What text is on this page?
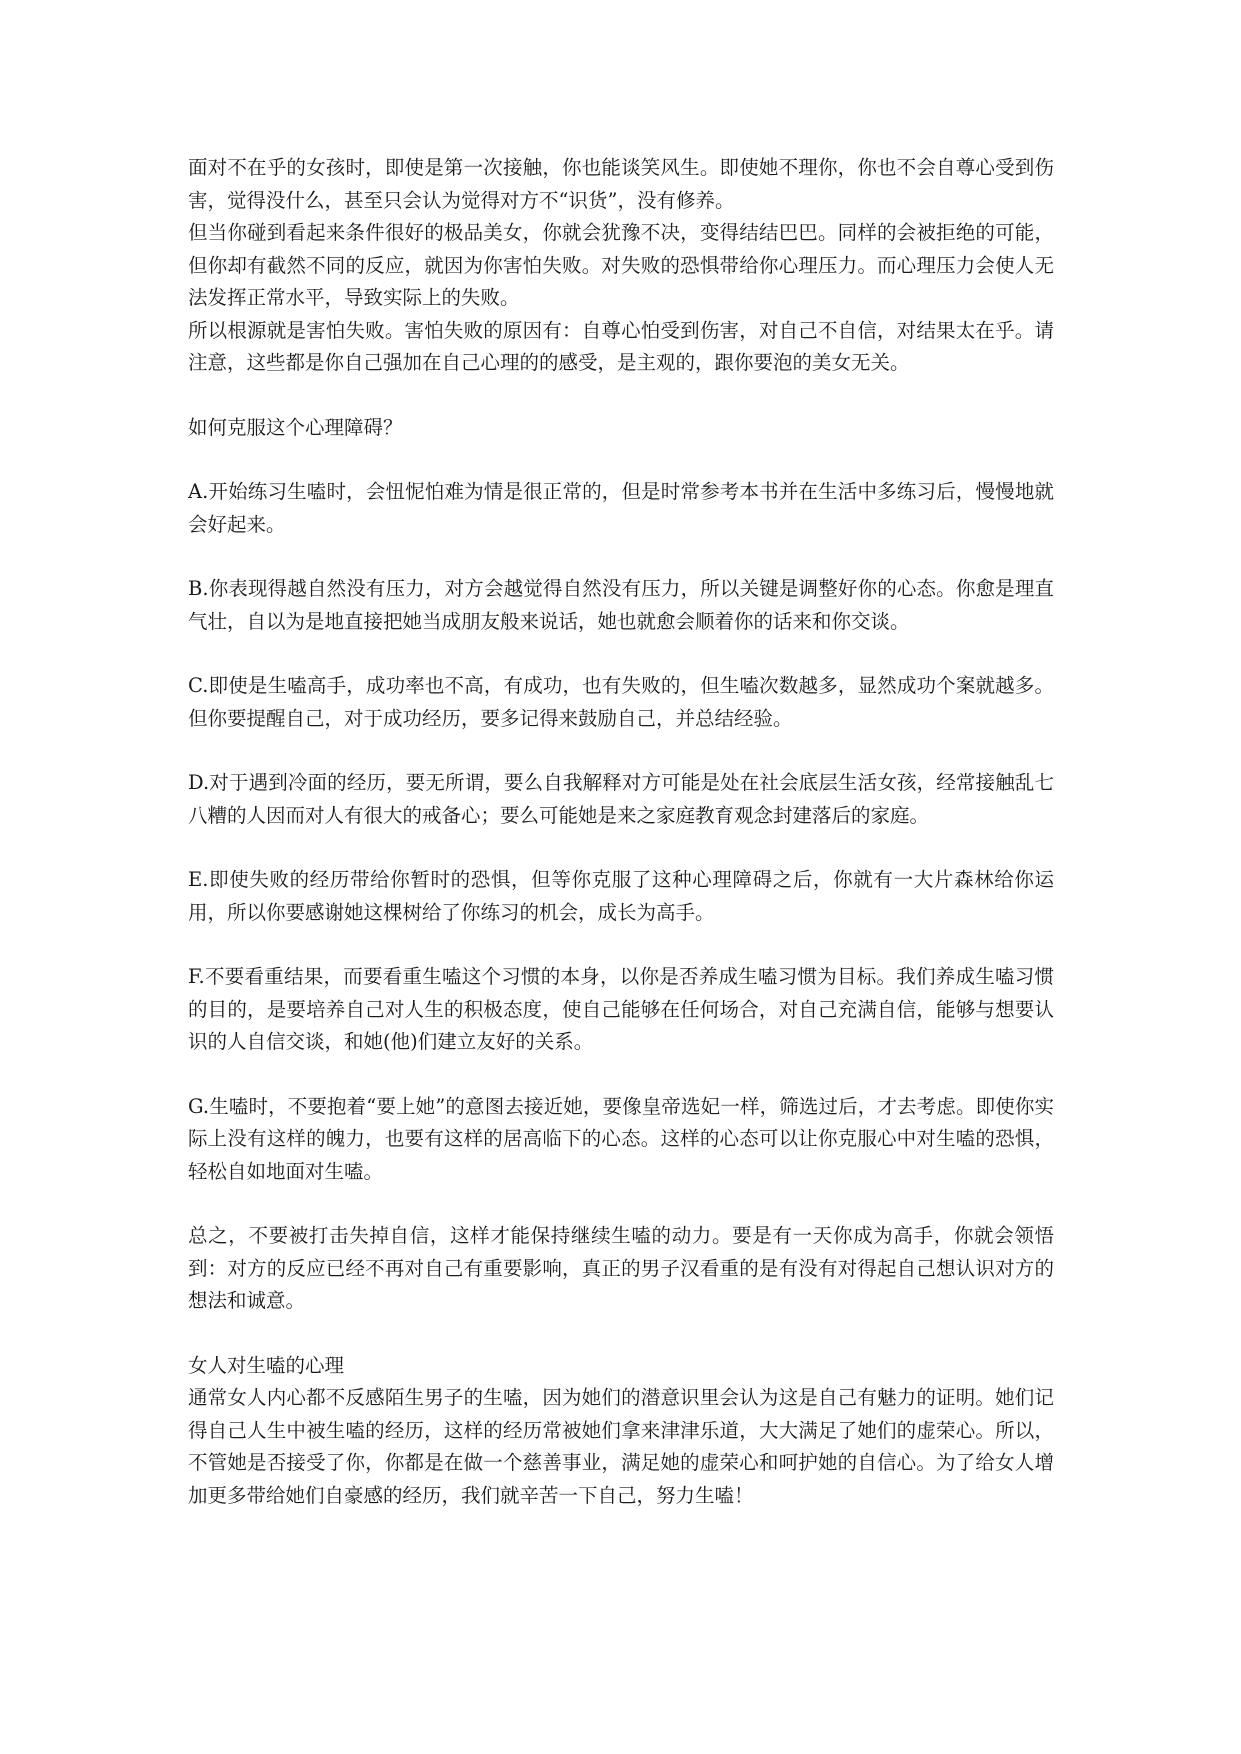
面对不在乎的女孩时，即使是第一次接触，你也能谈笑风生。即使她不理你，你也不会自尊心受到伤害，觉得没什么，甚至只会认为觉得对方不“识货”，没有修养。

但当你碰到看起来条件很好的极品美女，你就会犹豫不决，变得结结巴巴。同样的会被拒绝的可能，但你却有截然不同的反应，就因为你害怕失败。对失败的恐惧带给你心理压力。而心理压力会使人无法发挥正常水平，导致实际上的失败。

所以根源就是害怕失败。害怕失败的原因有：自尊心怕受到伤害，对自己不自信，对结果太在乎。请注意，这些都是你自己强加在自己心理的的感受，是主观的，跟你要泡的美女无关。

如何克服这个心理障碍？

A.开始练习生嗑时，会忸怩怕难为情是很正常的，但是时常参考本书并在生活中多练习后，慢慢地就会好起来。

B.你表现得越自然没有压力，对方会越觉得自然没有压力，所以关键是调整好你的心态。你愈是理直气壮，自以为是地直接把她当成朋友般来说话，她也就愈会顺着你的话来和你交谈。

C.即使是生嗑高手，成功率也不高，有成功，也有失败的，但生嗑次数越多，显然成功个案就越多。但你要提醒自己，对于成功经历，要多记得来鼓励自己，并总结经验。

D.对于遇到冷面的经历，要无所谓，要么自我解释对方可能是处在社会底层生活女孩，经常接触乱七八糟的人因而对人有很大的戒备心；要么可能她是来之家庭教育观念封建落后的家庭。

E.即使失败的经历带给你暂时的恐惧，但等你克服了这种心理障碍之后，你就有一大片森林给你运用，所以你要感谢她这棵树给了你练习的机会，成长为高手。

F.不要看重结果，而要看重生嗑这个习惯的本身，以你是否养成生嗑习惯为目标。我们养成生嗑习惯的目的，是要培养自己对人生的积极态度，使自己能够在任何场合，对自己充满自信，能够与想要认识的人自信交谈，和她(他)们建立友好的关系。

G.生嗑时，不要抱着“要上她”的意图去接近她，要像皇帝选妃一样，筛选过后，才去考虑。即使你实际上没有这样的魄力，也要有这样的居高临下的心态。这样的心态可以让你克服心中对生嗑的恐惧，轻松自如地面对生嗑。

总之，不要被打击失掉自信，这样才能保持继续生嗑的动力。要是有一天你成为高手，你就会领悟到：对方的反应已经不再对自己有重要影响，真正的男子汉看重的是有没有对得起自己想认识对方的想法和诚意。

女人对生嗑的心理

通常女人内心都不反感陌生男子的生嗑，因为她们的潜意识里会认为这是自己有魅力的证明。她们记得自己人生中被生嗑的经历，这样的经历常被她们拿来津津乐道，大大满足了她们的虚荣心。所以，不管她是否接受了你，你都是在做一个慈善事业，满足她的虚荣心和呵护她的自信心。为了给女人增加更多带给她们自豪感的经历，我们就辛苦一下自己，努力生嗑！
